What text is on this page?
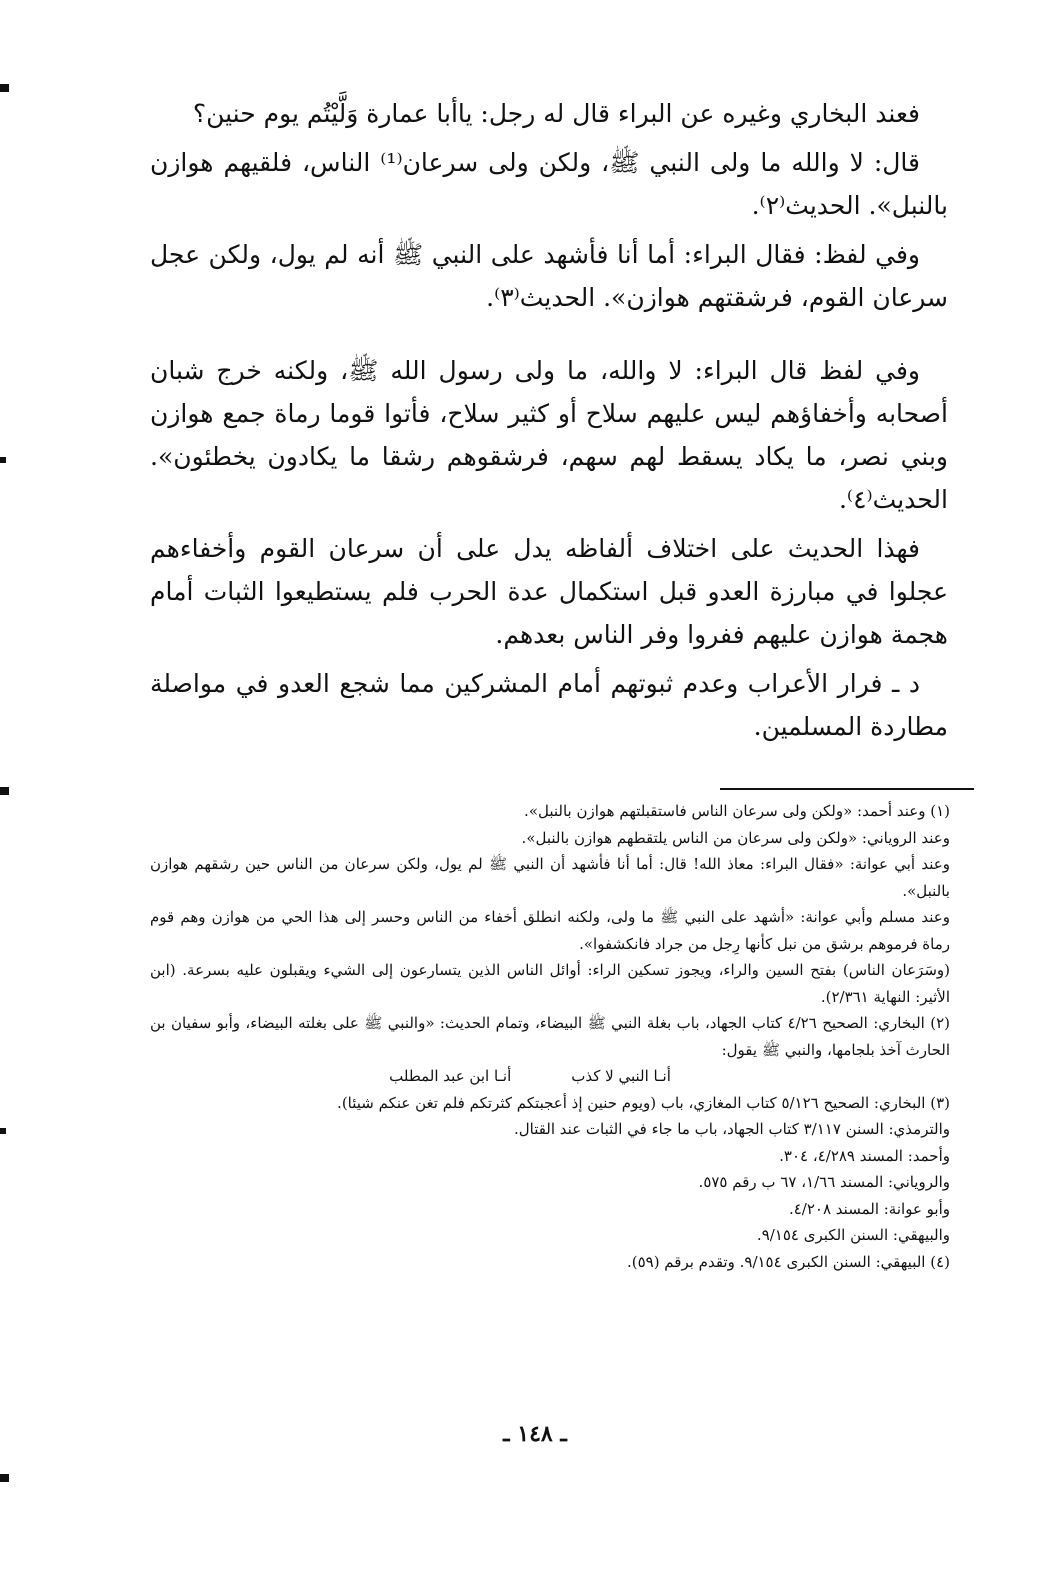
فعند البخاري وغيره عن البراء قال له رجل: ياأبا عمارة وَلَّيْتُم يوم حنين؟

قال: لا والله ما ولى النبي ﷺ، ولكن ولى سرعان⁽¹⁾ الناس، فلقيهم هوازن بالنبل». الحديث⁽٢⁾.

وفي لفظ: فقال البراء: أما أنا فأشهد على النبي ﷺ أنه لم يول، ولكن عجل سرعان القوم، فرشقتهم هوازن». الحديث⁽٣⁾.

وفي لفظ قال البراء: لا والله، ما ولى رسول الله ﷺ، ولكنه خرج شبان أصحابه وأخفاؤهم ليس عليهم سلاح أو كثير سلاح، فأتوا قوما رماة جمع هوازن وبني نصر، ما يكاد يسقط لهم سهم، فرشقوهم رشقا ما يكادون يخطئون». الحديث⁽٤⁾.

فهذا الحديث على اختلاف ألفاظه يدل على أن سرعان القوم وأخفاءهم عجلوا في مبارزة العدو قبل استكمال عدة الحرب فلم يستطيعوا الثبات أمام هجمة هوازن عليهم ففروا وفر الناس بعدهم.

د ـ فرار الأعراب وعدم ثبوتهم أمام المشركين مما شجع العدو في مواصلة مطاردة المسلمين.

(١) وعند أحمد: «ولكن ولى سرعان الناس فاستقبلتهم هوازن بالنبل».
وعند الروياني: «ولكن ولى سرعان من الناس يلتقطهم هوازن بالنبل».
وعند أبي عوانة: «فقال البراء: معاذ الله! قال: أما أنا فأشهد أن النبي ﷺ لم يول، ولكن سرعان من الناس حين رشقهم هوازن بالنبل».
وعند مسلم وأبي عوانة: «أشهد على النبي ﷺ ما ولى، ولكنه انطلق أخفاء من الناس وحسر إلى هذا الحي من هوازن وهم قوم رماة فرموهم برشق من نبل كأنها رِجل من جراد فانكشفوا».
(وسَرَعان الناس) بفتح السين والراء، ويجوز تسكين الراء: أوائل الناس الذين يتسارعون إلى الشيء ويقبلون عليه بسرعة. (ابن الأثير: النهاية ٢/٣٦١).
(٢) البخاري: الصحيح ٤/٢٦ كتاب الجهاد، باب بغلة النبي ﷺ البيضاء، وتمام الحديث: «والنبي ﷺ على بغلته البيضاء، وأبو سفيان بن الحارث آخذ بلجامها، والنبي ﷺ يقول:
أنـا النبي لا كذب
أنـا ابن عبد المطلب
(٣) البخاري: الصحيح ٥/١٢٦ كتاب المغازي، باب (ويوم حنين إذ أعجبتكم كثرتكم فلم تغن عنكم شيئا).
والترمذي: السنن ٣/١١٧ كتاب الجهاد، باب ما جاء في الثبات عند القتال.
وأحمد: المسند ٤/٢٨٩، ٣٠٤.
والروياني: المسند ١/٦٦، ٦٧ ب رقم ٥٧٥.
وأبو عوانة: المسند ٤/٢٠٨.
والبيهقي: السنن الكبرى ٩/١٥٤.
(٤) البيهقي: السنن الكبرى ٩/١٥٤. وتقدم برقم (٥٩).
ـ ١٤٨ ـ
